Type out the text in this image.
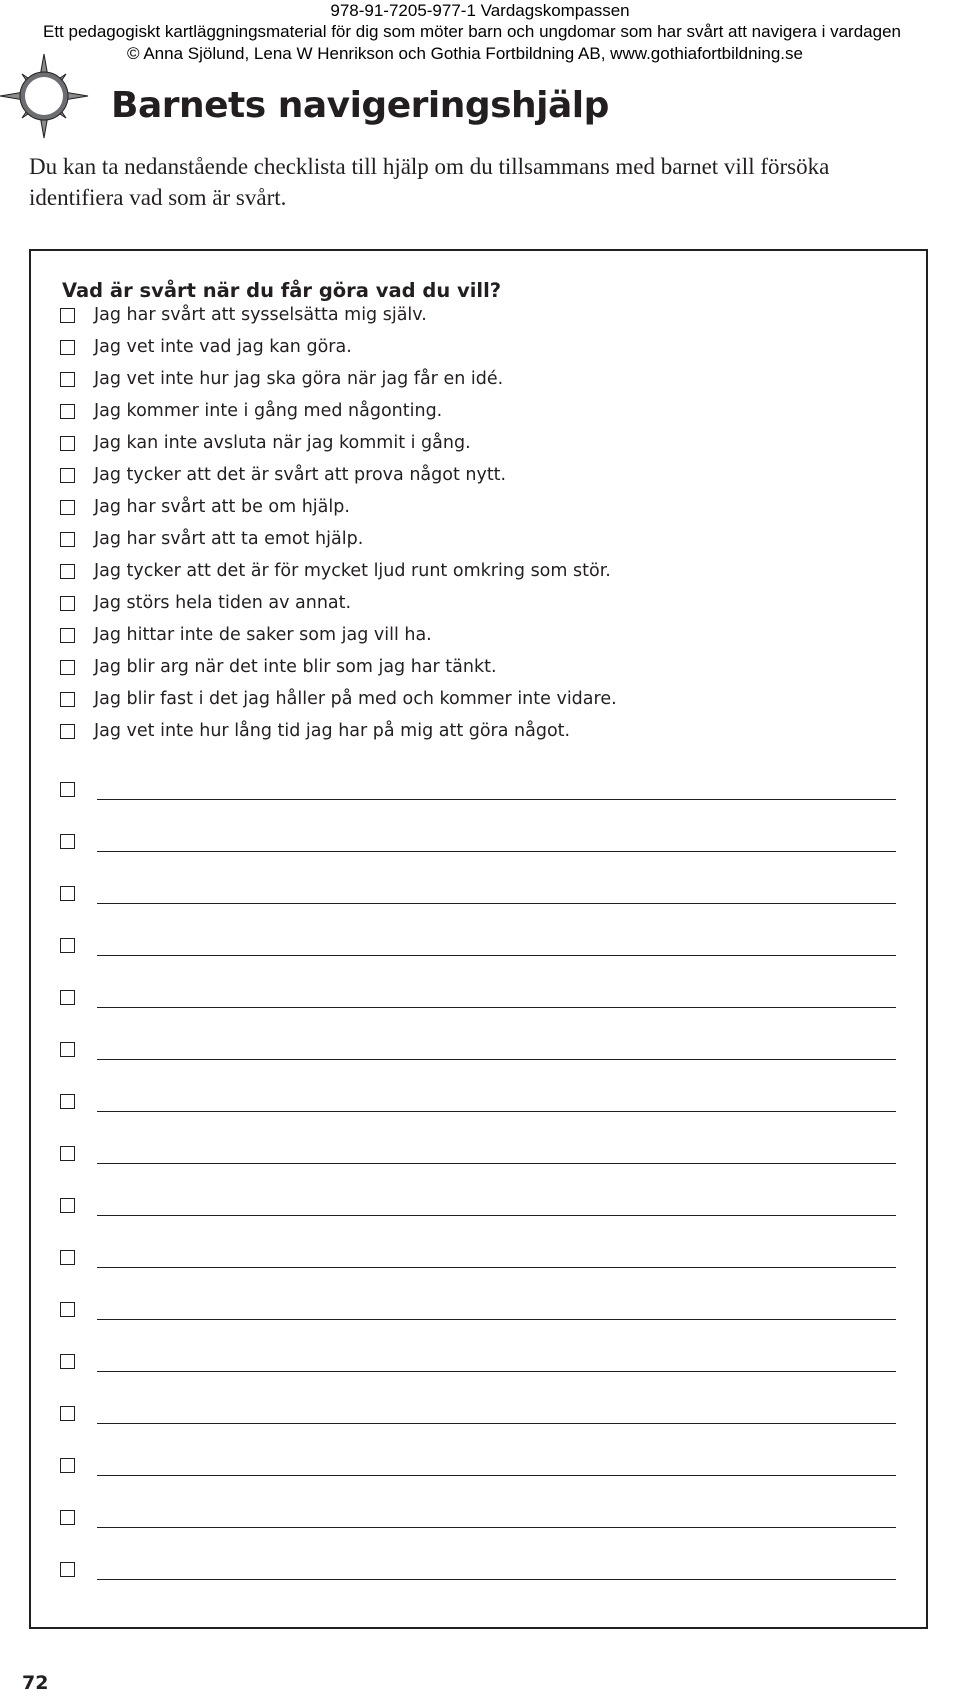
978-91-7205-977-1 Vardagskompassen
Ett pedagogiskt kartläggningsmaterial för dig som möter barn och ungdomar som har svårt att navigera i vardagen
© Anna Sjölund, Lena W Henrikson och Gothia Fortbildning AB, www.gothiafortbildning.se
Barnets navigeringshjälp
Du kan ta nedanstående checklista till hjälp om du tillsammans med barnet vill försöka identifiera vad som är svårt.
Vad är svårt när du får göra vad du vill?
Jag har svårt att sysselsätta mig själv.
Jag vet inte vad jag kan göra.
Jag vet inte hur jag ska göra när jag får en idé.
Jag kommer inte i gång med någonting.
Jag kan inte avsluta när jag kommit i gång.
Jag tycker att det är svårt att prova något nytt.
Jag har svårt att be om hjälp.
Jag har svårt att ta emot hjälp.
Jag tycker att det är för mycket ljud runt omkring som stör.
Jag störs hela tiden av annat.
Jag hittar inte de saker som jag vill ha.
Jag blir arg när det inte blir som jag har tänkt.
Jag blir fast i det jag håller på med och kommer inte vidare.
Jag vet inte hur lång tid jag har på mig att göra något.
72
